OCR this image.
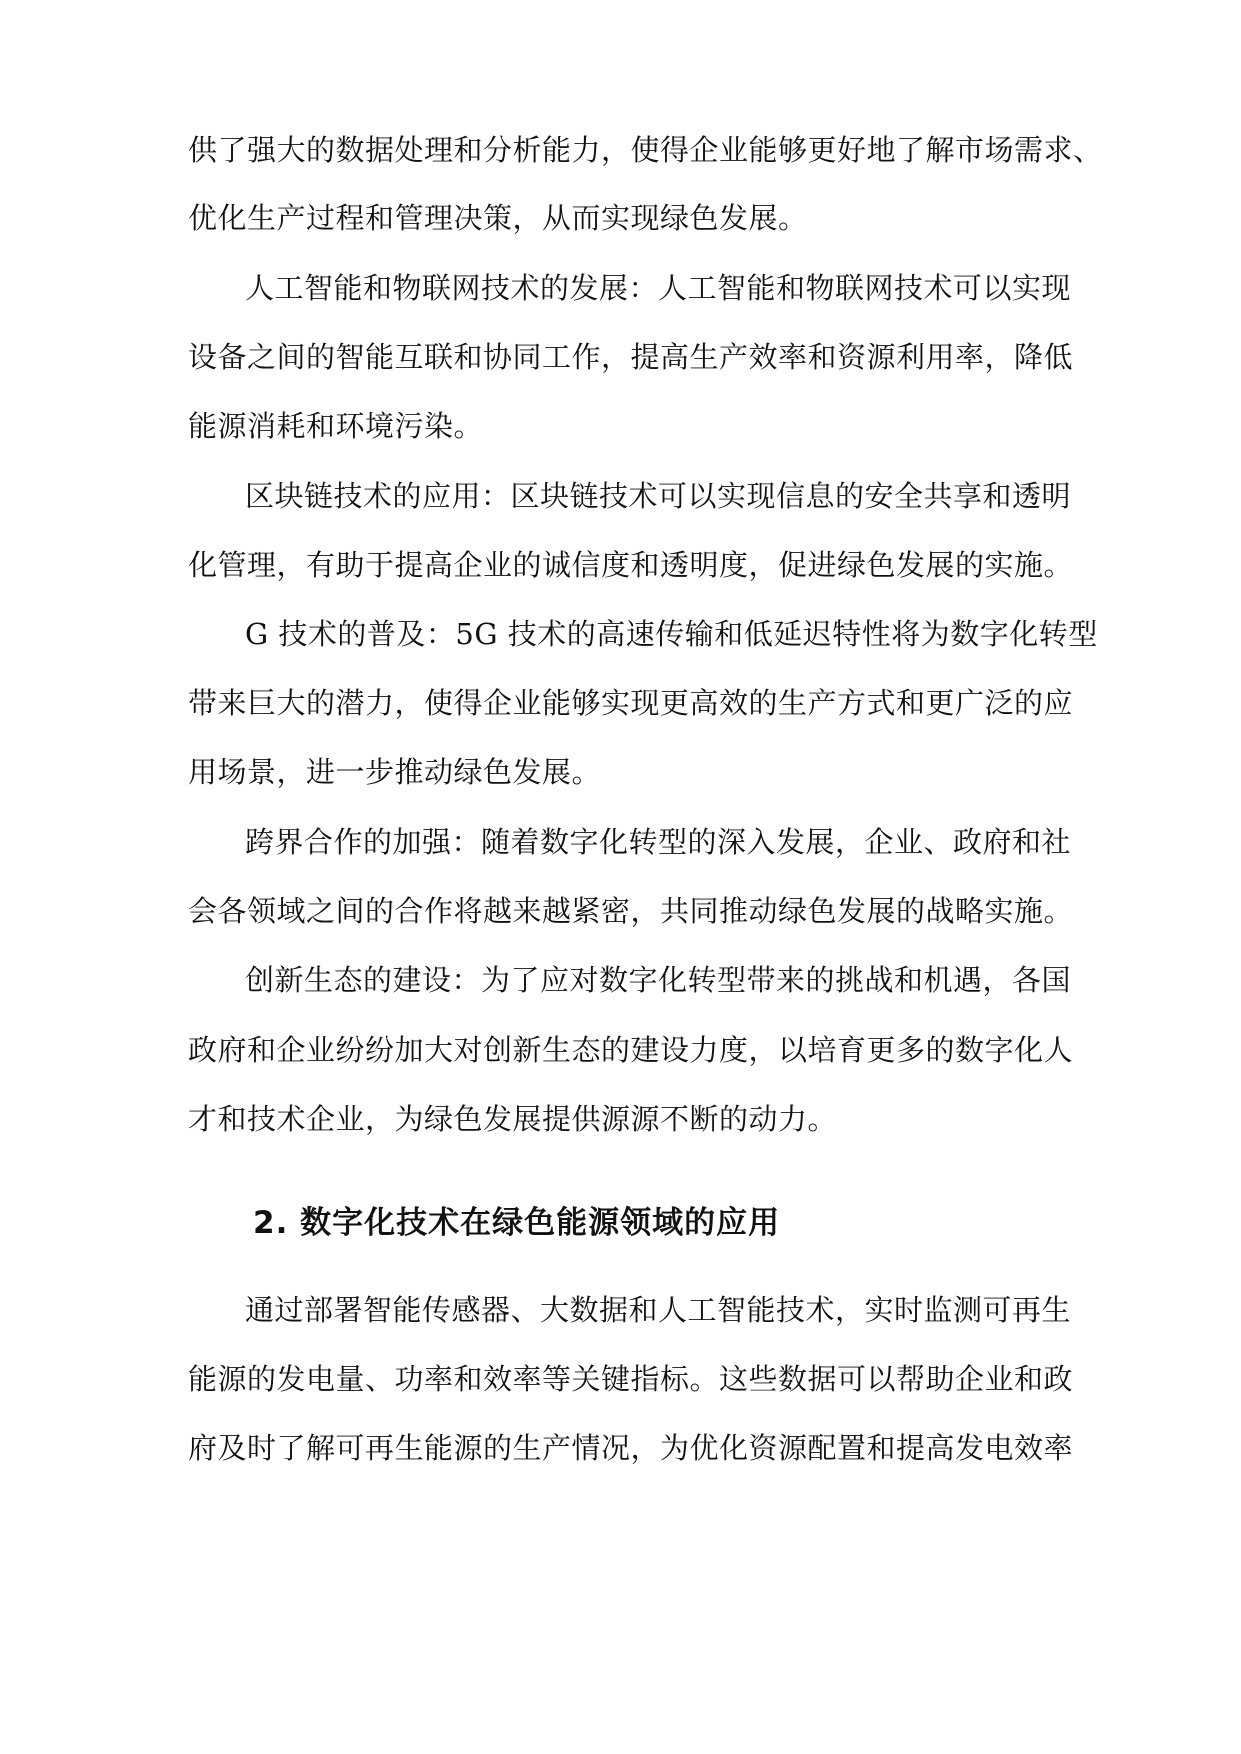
供了强大的数据处理和分析能力，使得企业能够更好地了解市场需求、
优化生产过程和管理决策，从而实现绿色发展。
人工智能和物联网技术的发展：人工智能和物联网技术可以实现
设备之间的智能互联和协同工作，提高生产效率和资源利用率，降低
能源消耗和环境污染。
区块链技术的应用：区块链技术可以实现信息的安全共享和透明
化管理，有助于提高企业的诚信度和透明度，促进绿色发展的实施。
G 技术的普及：5G 技术的高速传输和低延迟特性将为数字化转型
带来巨大的潜力，使得企业能够实现更高效的生产方式和更广泛的应
用场景，进一步推动绿色发展。
跨界合作的加强：随着数字化转型的深入发展，企业、政府和社
会各领域之间的合作将越来越紧密，共同推动绿色发展的战略实施。
创新生态的建设：为了应对数字化转型带来的挑战和机遇，各国
政府和企业纷纷加大对创新生态的建设力度，以培育更多的数字化人
才和技术企业，为绿色发展提供源源不断的动力。
2. 数字化技术在绿色能源领域的应用
通过部署智能传感器、大数据和人工智能技术，实时监测可再生
能源的发电量、功率和效率等关键指标。这些数据可以帮助企业和政
府及时了解可再生能源的生产情况，为优化资源配置和提高发电效率
